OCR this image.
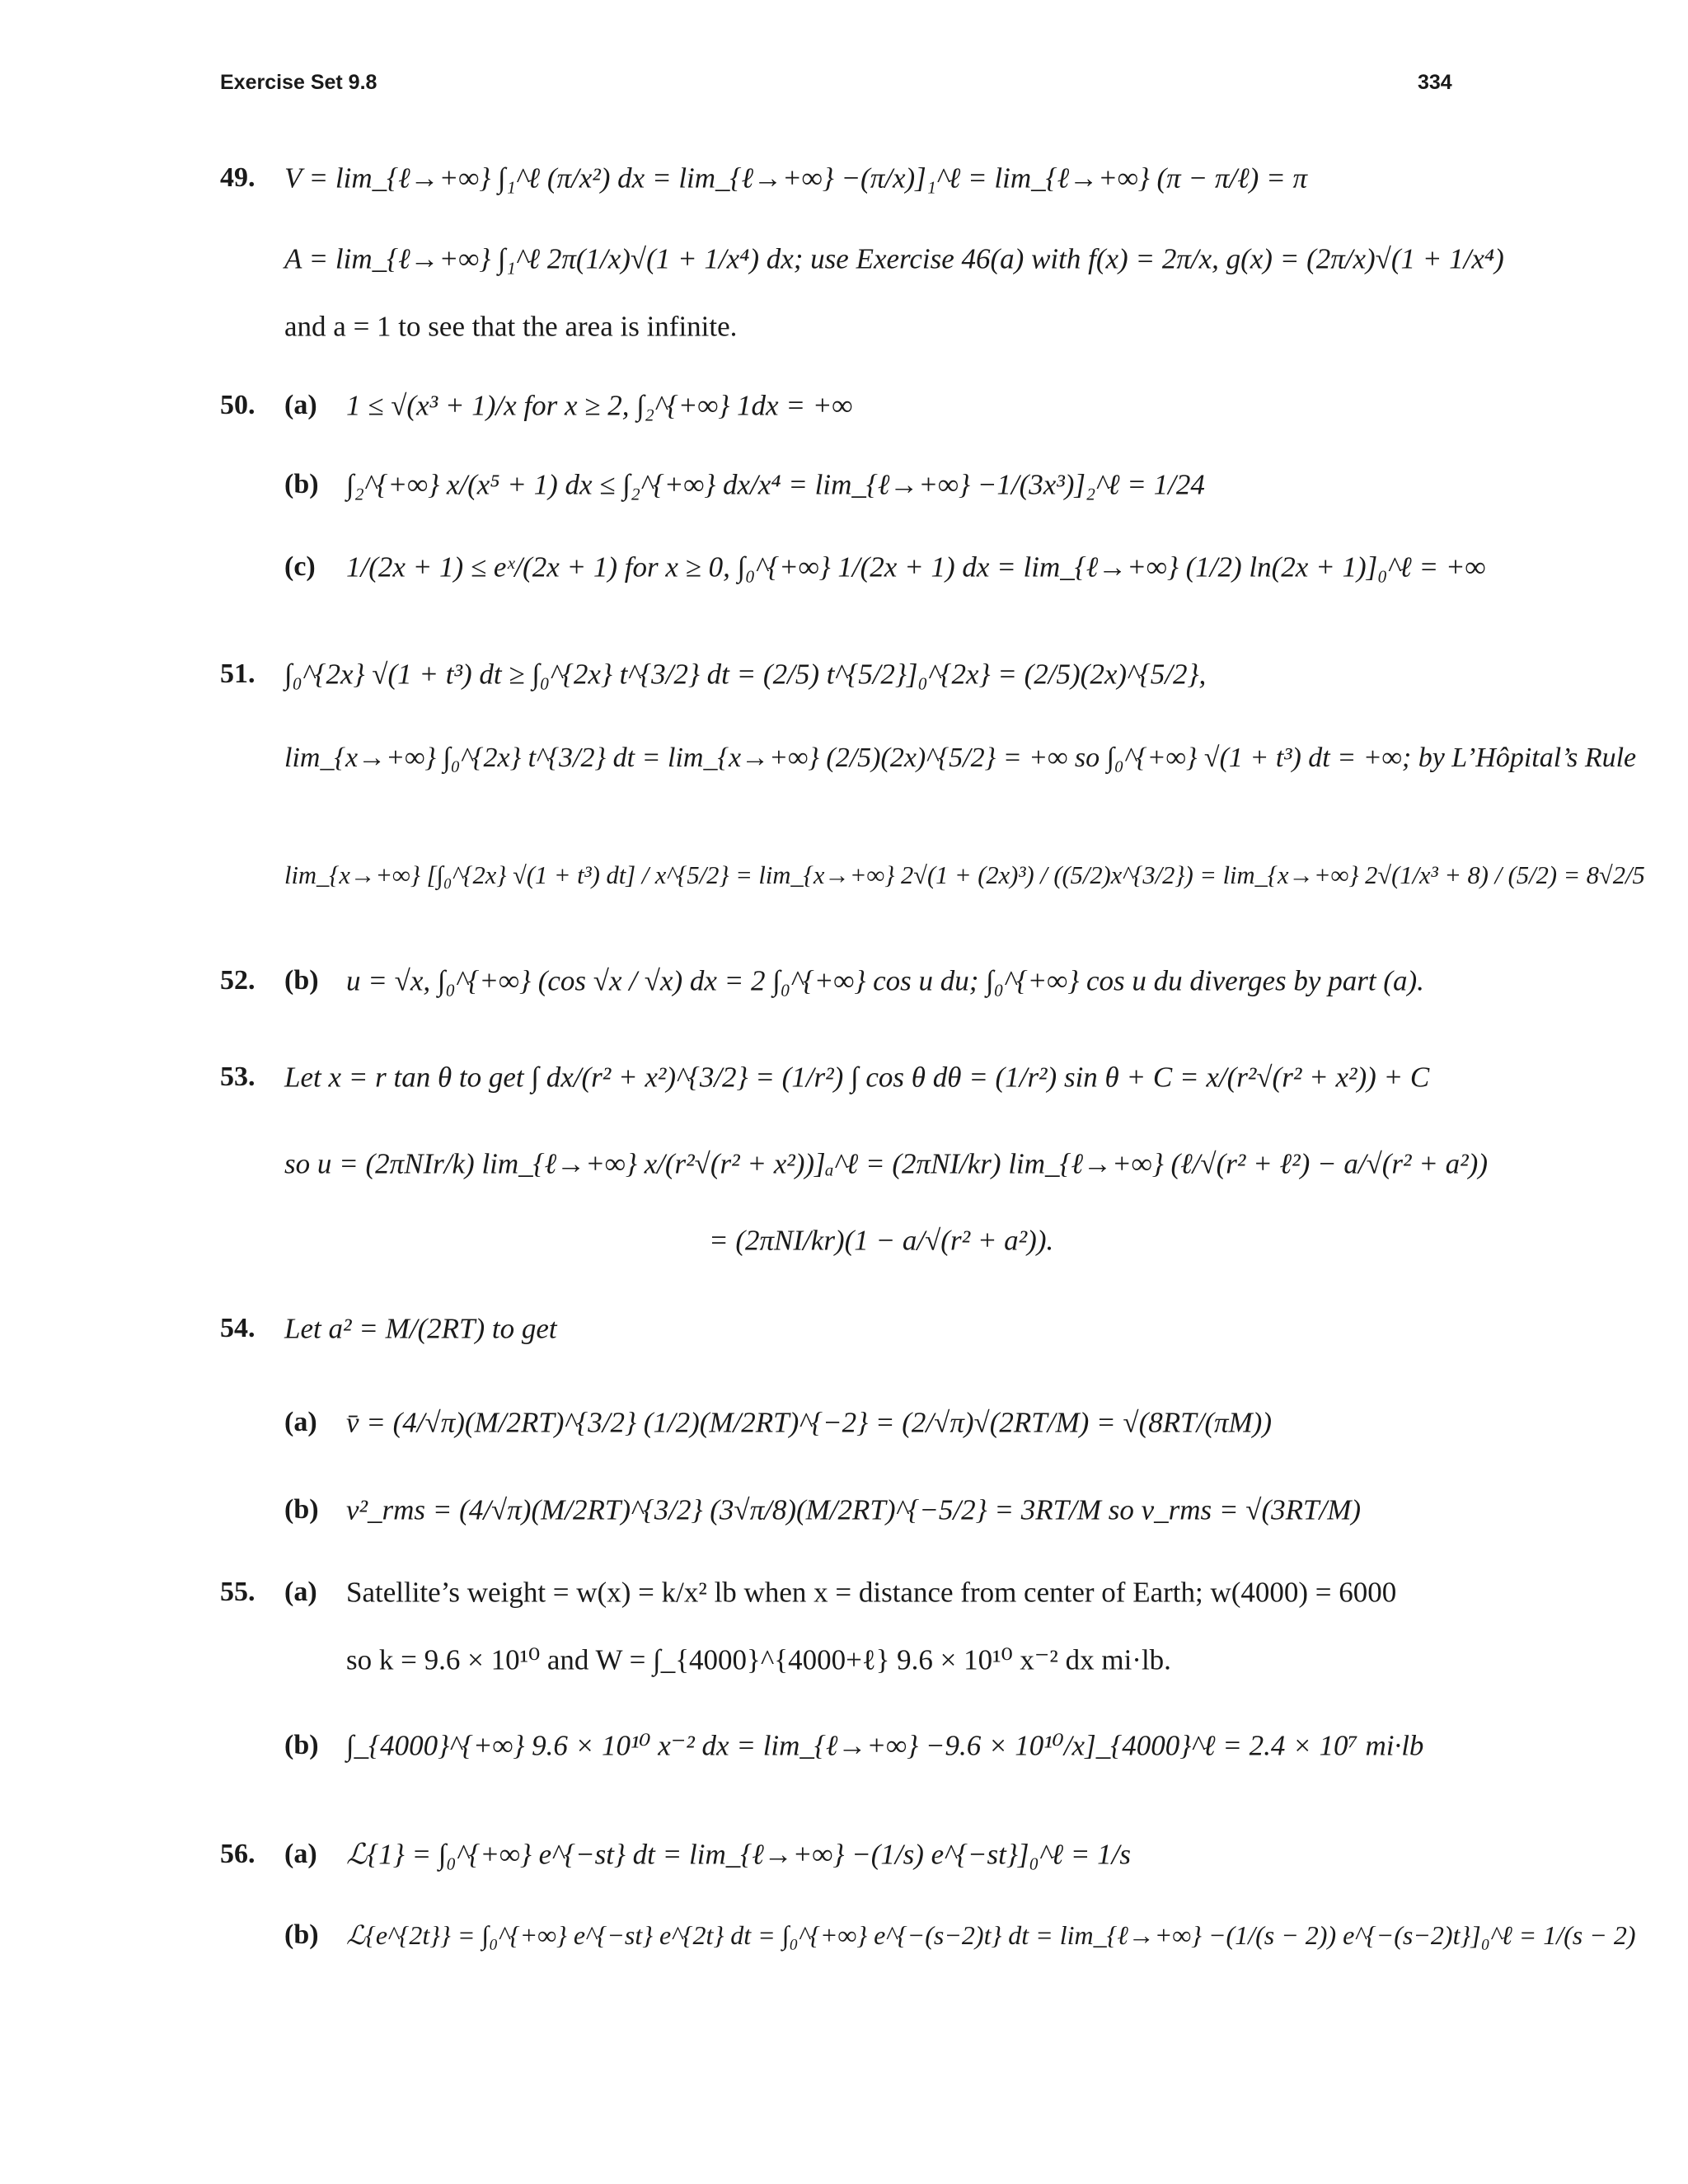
Exercise Set 9.8	334
49. V = lim_{ℓ→+∞} ∫₁^ℓ (π/x²) dx = lim_{ℓ→+∞} −(π/x)]₁^ℓ = lim_{ℓ→+∞} (π − π/ℓ) = π
A = lim_{ℓ→+∞} ∫₁^ℓ 2π(1/x)√(1 + 1/x⁴) dx; use Exercise 46(a) with f(x) = 2π/x, g(x) = (2π/x)√(1 + 1/x⁴)
and a = 1 to see that the area is infinite.
50. (a) 1 ≤ √(x³ + 1)/x for x ≥ 2, ∫₂^{+∞} 1dx = +∞
(b) ∫₂^{+∞} x/(x⁵ + 1) dx ≤ ∫₂^{+∞} dx/x⁴ = lim_{ℓ→+∞} −1/(3x³)]₂^ℓ = 1/24
(c) 1/(2x + 1) ≤ eˣ/(2x + 1) for x ≥ 0, ∫₀^{+∞} 1/(2x + 1) dx = lim_{ℓ→+∞} (1/2) ln(2x + 1)]₀^ℓ = +∞
51. ∫₀^{2x} √(1 + t³) dt ≥ ∫₀^{2x} t^{3/2} dt = (2/5) t^{5/2}]₀^{2x} = (2/5)(2x)^{5/2},
lim_{x→+∞} ∫₀^{2x} t^{3/2} dt = lim_{x→+∞} (2/5)(2x)^{5/2} = +∞ so ∫₀^{+∞} √(1 + t³) dt = +∞; by L’Hôpital’s Rule
lim_{x→+∞} [∫₀^{2x} √(1 + t³) dt] / x^{5/2} = lim_{x→+∞} 2√(1 + (2x)³) / ((5/2)x^{3/2}) = lim_{x→+∞} 2√(1/x³ + 8) / (5/2) = 8√2/5
52. (b) u = √x, ∫₀^{+∞} (cos √x / √x) dx = 2 ∫₀^{+∞} cos u du; ∫₀^{+∞} cos u du diverges by part (a).
53. Let x = r tan θ to get ∫ dx/(r² + x²)^{3/2} = (1/r²) ∫ cos θ dθ = (1/r²) sin θ + C = x/(r²√(r² + x²)) + C
so u = (2πNIr/k) lim_{ℓ→+∞} x/(r²√(r² + x²))]ₐ^ℓ = (2πNI/kr) lim_{ℓ→+∞} (ℓ/√(r² + ℓ²) − a/√(r² + a²))
= (2πNI/kr)(1 − a/√(r² + a²)).
54. Let a² = M/(2RT) to get
(a) v̄ = (4/√π)(M/2RT)^{3/2} (1/2)(M/2RT)^{−2} = (2/√π)√(2RT/M) = √(8RT/(πM))
(b) v²_rms = (4/√π)(M/2RT)^{3/2} (3√π/8)(M/2RT)^{−5/2} = 3RT/M so v_rms = √(3RT/M)
55. (a) Satellite’s weight = w(x) = k/x² lb when x = distance from center of Earth; w(4000) = 6000
so k = 9.6 × 10¹⁰ and W = ∫_{4000}^{4000+ℓ} 9.6 × 10¹⁰ x⁻² dx mi·lb.
(b) ∫_{4000}^{+∞} 9.6 × 10¹⁰ x⁻² dx = lim_{ℓ→+∞} −9.6 × 10¹⁰/x]_{4000}^ℓ = 2.4 × 10⁷ mi·lb
56. (a) ℒ{1} = ∫₀^{+∞} e^{−st} dt = lim_{ℓ→+∞} −(1/s) e^{−st}]₀^ℓ = 1/s
(b) ℒ{e^{2t}} = ∫₀^{+∞} e^{−st} e^{2t} dt = ∫₀^{+∞} e^{−(s−2)t} dt = lim_{ℓ→+∞} −(1/(s − 2)) e^{−(s−2)t}]₀^ℓ = 1/(s − 2)
